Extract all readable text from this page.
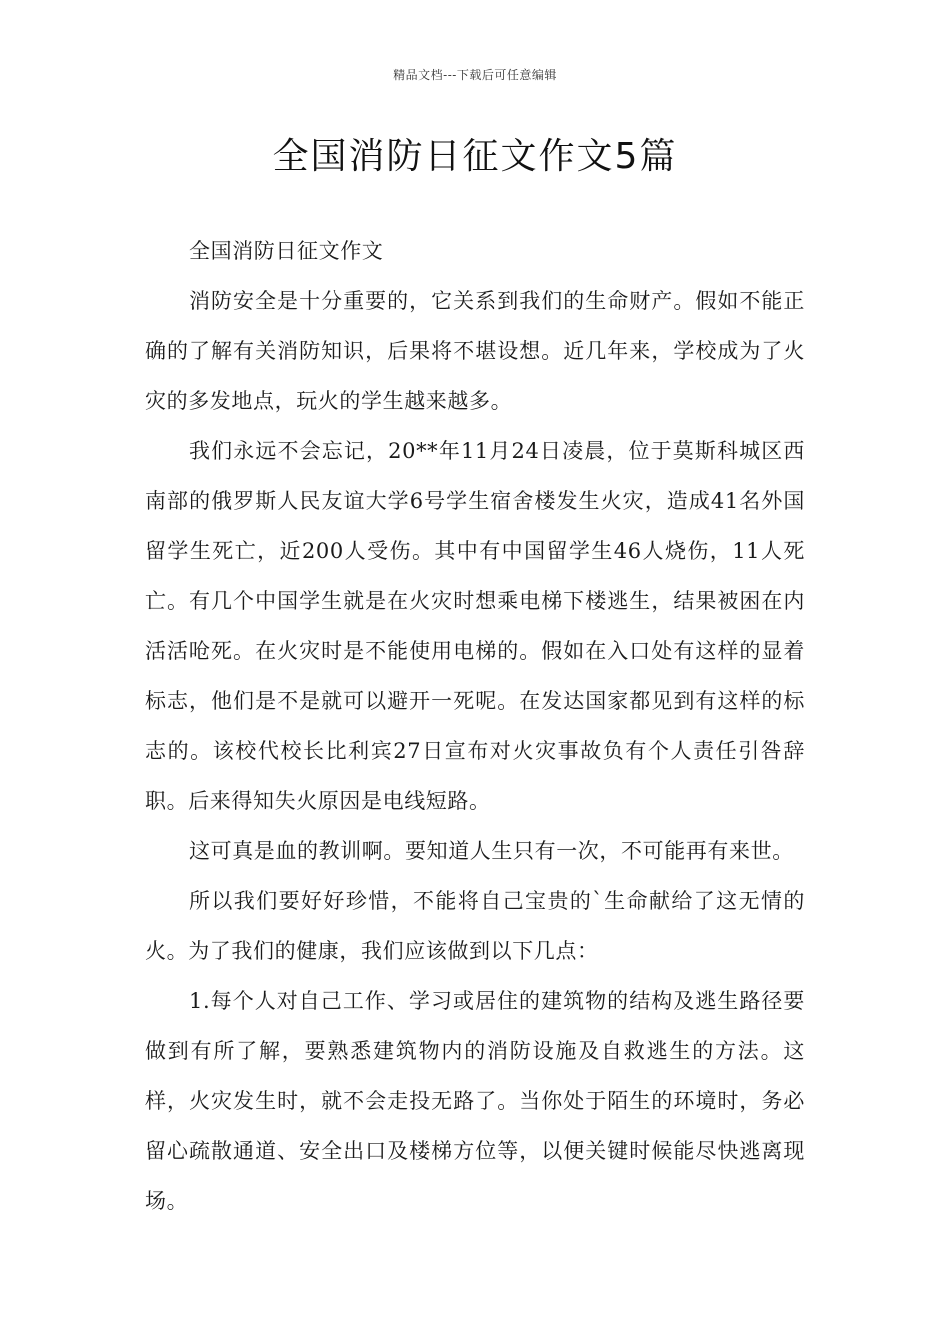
精品文档---下载后可任意编辑
全国消防日征文作文5篇

全国消防日征文作文

消防安全是十分重要的，它关系到我们的生命财产。假如不能正确的了解有关消防知识，后果将不堪设想。近几年来，学校成为了火灾的多发地点，玩火的学生越来越多。

我们永远不会忘记，20**年11月24日凌晨，位于莫斯科城区西南部的俄罗斯人民友谊大学6号学生宿舍楼发生火灾，造成41名外国留学生死亡，近200人受伤。其中有中国留学生46人烧伤，11人死亡。有几个中国学生就是在火灾时想乘电梯下楼逃生，结果被困在内活活呛死。在火灾时是不能使用电梯的。假如在入口处有这样的显着标志，他们是不是就可以避开一死呢。在发达国家都见到有这样的标志的。该校代校长比利宾27日宣布对火灾事故负有个人责任引咎辞职。后来得知失火原因是电线短路。

这可真是血的教训啊。要知道人生只有一次，不可能再有来世。

所以我们要好好珍惜，不能将自己宝贵的`生命献给了这无情的火。为了我们的健康，我们应该做到以下几点：

1.每个人对自己工作、学习或居住的建筑物的结构及逃生路径要做到有所了解，要熟悉建筑物内的消防设施及自救逃生的方法。这样，火灾发生时，就不会走投无路了。当你处于陌生的环境时，务必留心疏散通道、安全出口及楼梯方位等，以便关键时候能尽快逃离现场。
